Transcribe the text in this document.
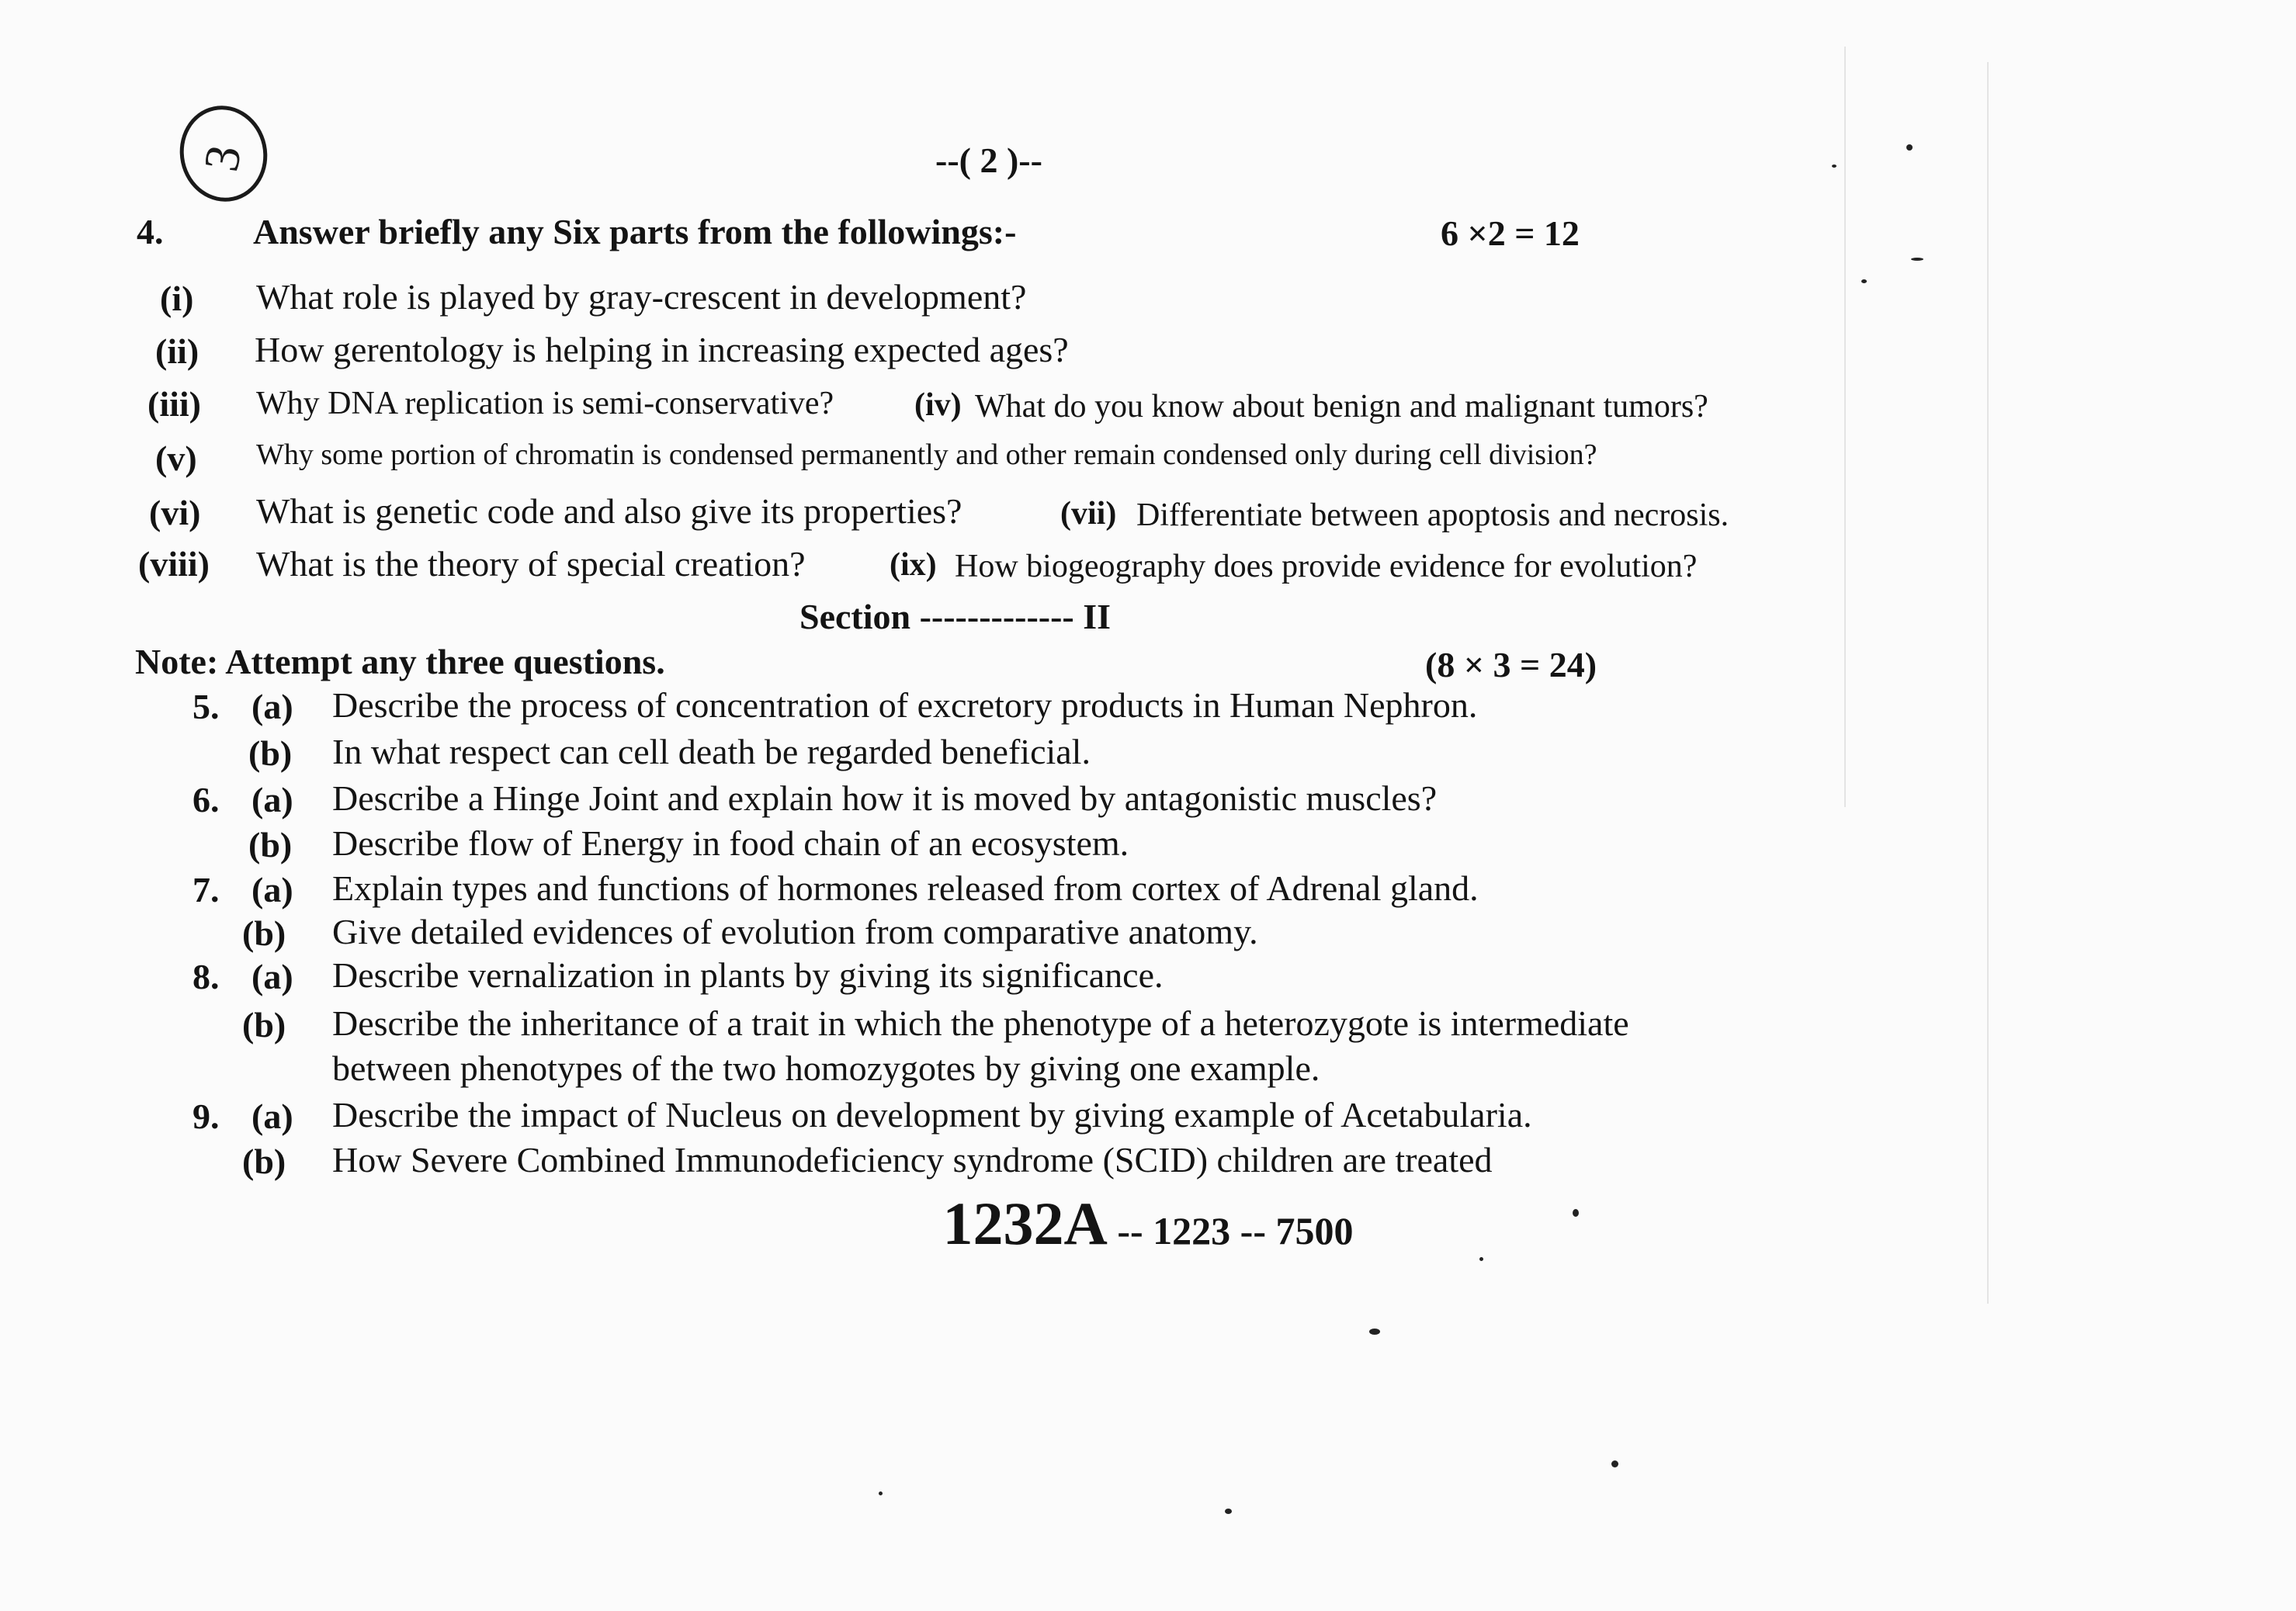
3	--( 2 )--
4.	Answer briefly any Six parts from the followings:-	6 ×2 = 12
(i) What role is played by gray-crescent in development?
(ii) How gerentology is helping in increasing expected ages?
(iii) Why DNA replication is semi-conservative? (iv) What do you know about benign and malignant tumors?
(v) Why some portion of chromatin is condensed permanently and other remain condensed only during cell division?
(vi) What is genetic code and also give its properties?	(vii) Differentiate between apoptosis and necrosis.
(viii) What is the theory of special creation?	(ix) How biogeography does provide evidence for evolution?
Section ------------- II
Note: Attempt any three questions.	(8 × 3 = 24)
5. (a) Describe the process of concentration of excretory products in Human Nephron.
(b) In what respect can cell death be regarded beneficial.
6. (a) Describe a Hinge Joint and explain how it is moved by antagonistic muscles?
(b) Describe flow of Energy in food chain of an ecosystem.
7. (a) Explain types and functions of hormones released from cortex of Adrenal gland.
(b) Give detailed evidences of evolution from comparative anatomy.
8. (a) Describe vernalization in plants by giving its significance.
(b) Describe the inheritance of a trait in which the phenotype of a heterozygote is intermediate
between phenotypes of the two homozygotes by giving one example.
9. (a) Describe the impact of Nucleus on development by giving example of Acetabularia.
(b) How Severe Combined Immunodeficiency syndrome (SCID) children are treated
1232A -- 1223 -- 7500
